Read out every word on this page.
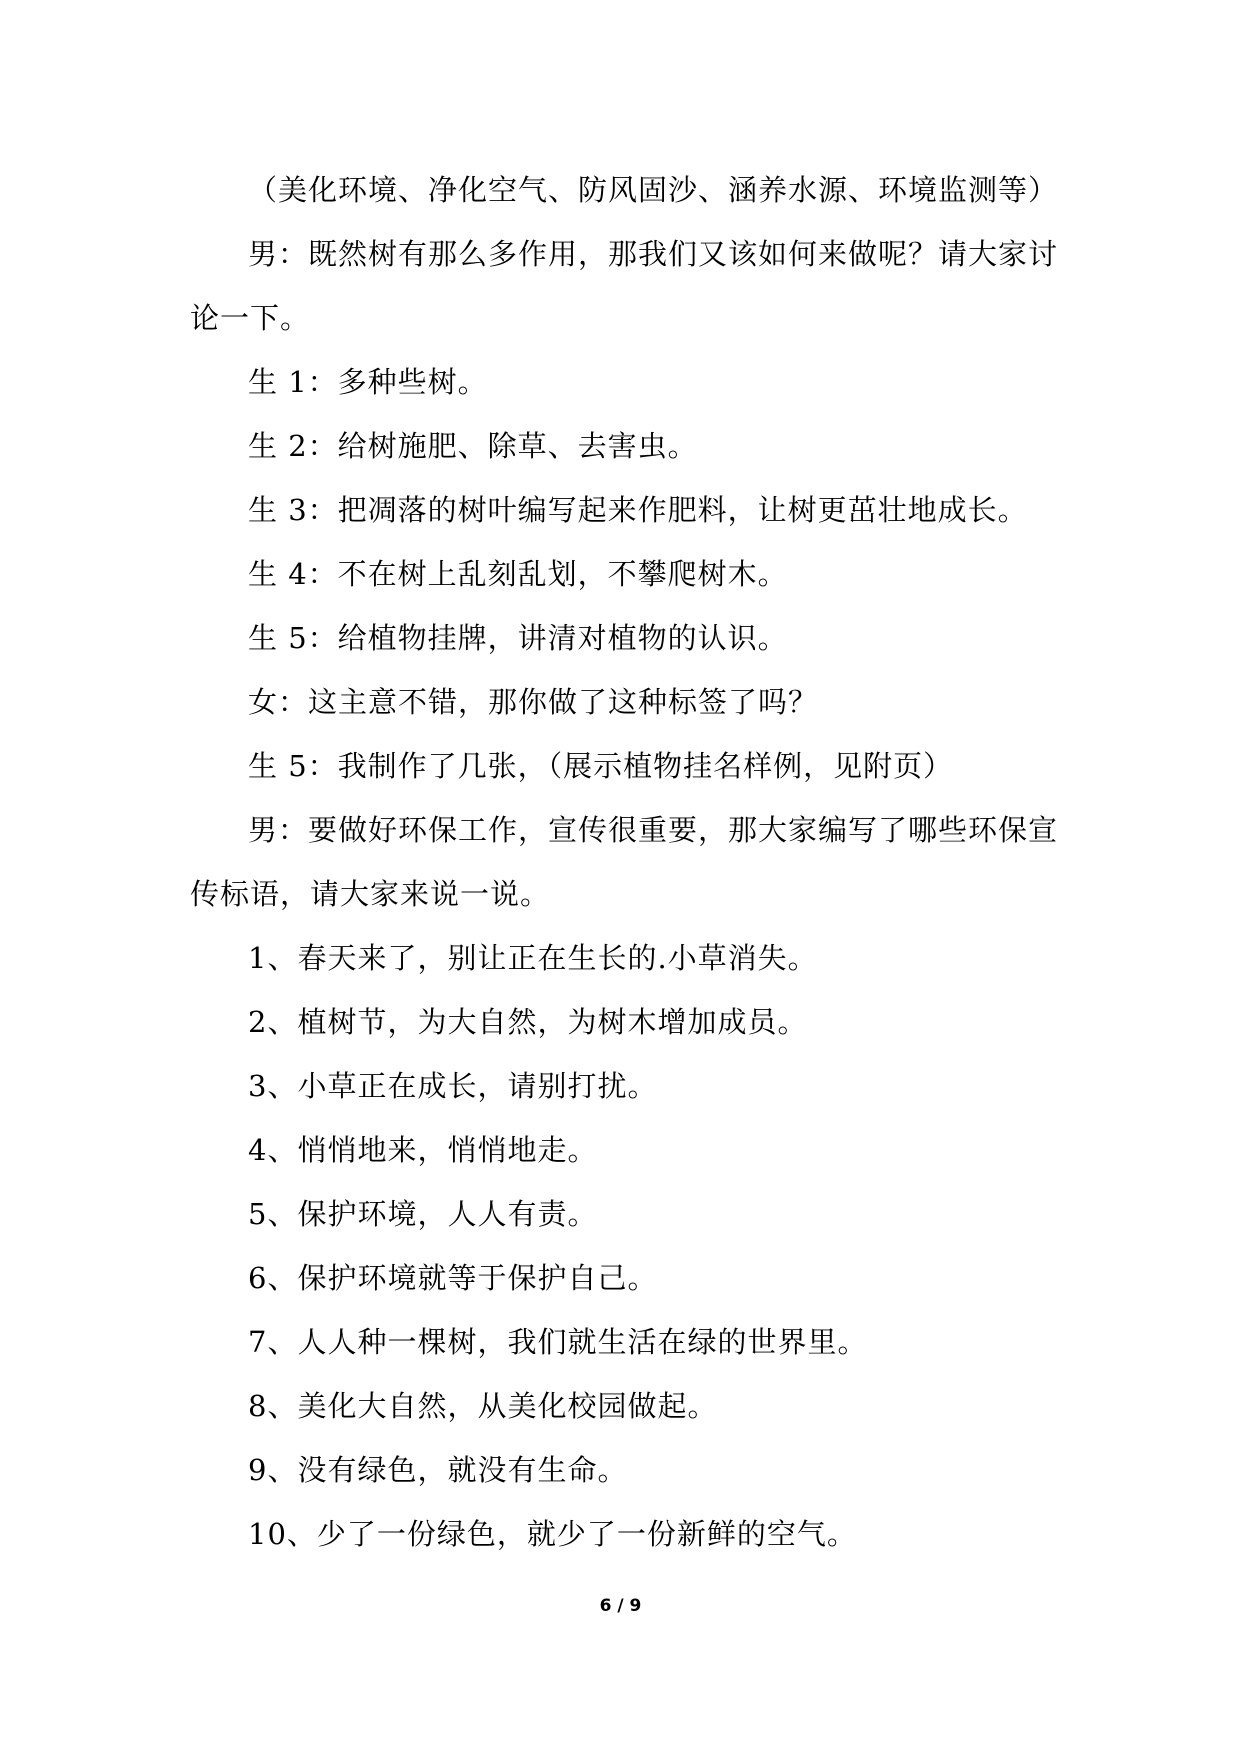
（美化环境、净化空气、防风固沙、涵养水源、环境监测等）

男：既然树有那么多作用，那我们又该如何来做呢？请大家讨论一下。

生 1：多种些树。

生 2：给树施肥、除草、去害虫。

生 3：把凋落的树叶编写起来作肥料，让树更茁壮地成长。

生 4：不在树上乱刻乱划，不攀爬树木。

生 5：给植物挂牌，讲清对植物的认识。

女：这主意不错，那你做了这种标签了吗？

生 5：我制作了几张，（展示植物挂名样例，见附页）

男：要做好环保工作，宣传很重要，那大家编写了哪些环保宣传标语，请大家来说一说。

1、春天来了，别让正在生长的.小草消失。

2、植树节，为大自然，为树木增加成员。

3、小草正在成长，请别打扰。

4、悄悄地来，悄悄地走。

5、保护环境，人人有责。

6、保护环境就等于保护自己。

7、人人种一棵树，我们就生活在绿的世界里。

8、美化大自然，从美化校园做起。

9、没有绿色，就没有生命。

10、少了一份绿色，就少了一份新鲜的空气。

6 / 9
